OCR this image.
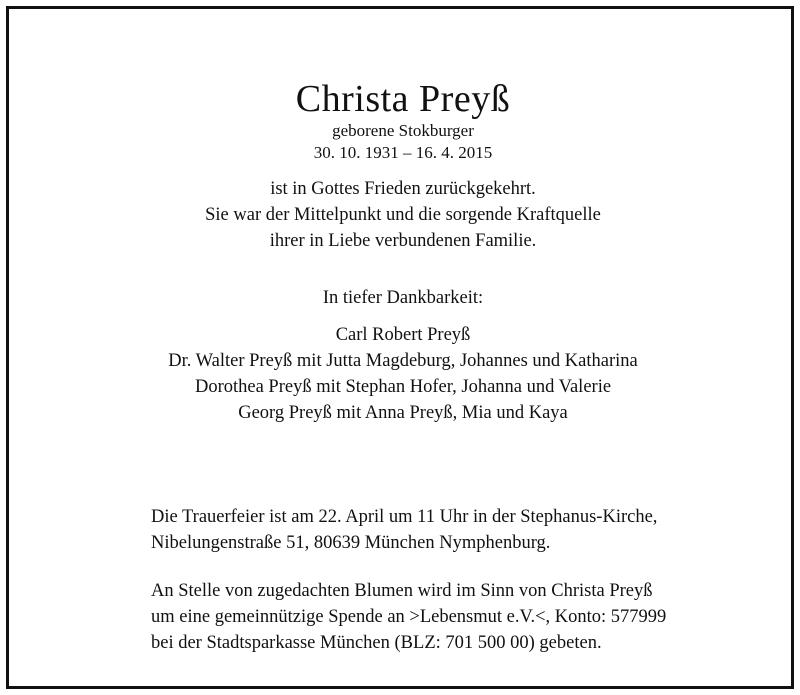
Christa Preyß
geborene Stokburger
30. 10. 1931 – 16. 4. 2015
ist in Gottes Frieden zurückgekehrt.
Sie war der Mittelpunkt und die sorgende Kraftquelle
ihrer in Liebe verbundenen Familie.
In tiefer Dankbarkeit:
Carl Robert Preyß
Dr. Walter Preyß mit Jutta Magdeburg, Johannes und Katharina
Dorothea Preyß mit Stephan Hofer, Johanna und Valerie
Georg Preyß mit Anna Preyß, Mia und Kaya
Die Trauerfeier ist am 22. April um 11 Uhr in der Stephanus-Kirche,
Nibelungenstraße 51, 80639 München Nymphenburg.
An Stelle von zugedachten Blumen wird im Sinn von Christa Preyß
um eine gemeinnützige Spende an >Lebensmut e.V.<, Konto: 577999
bei der Stadtsparkasse München (BLZ: 701 500 00) gebeten.
